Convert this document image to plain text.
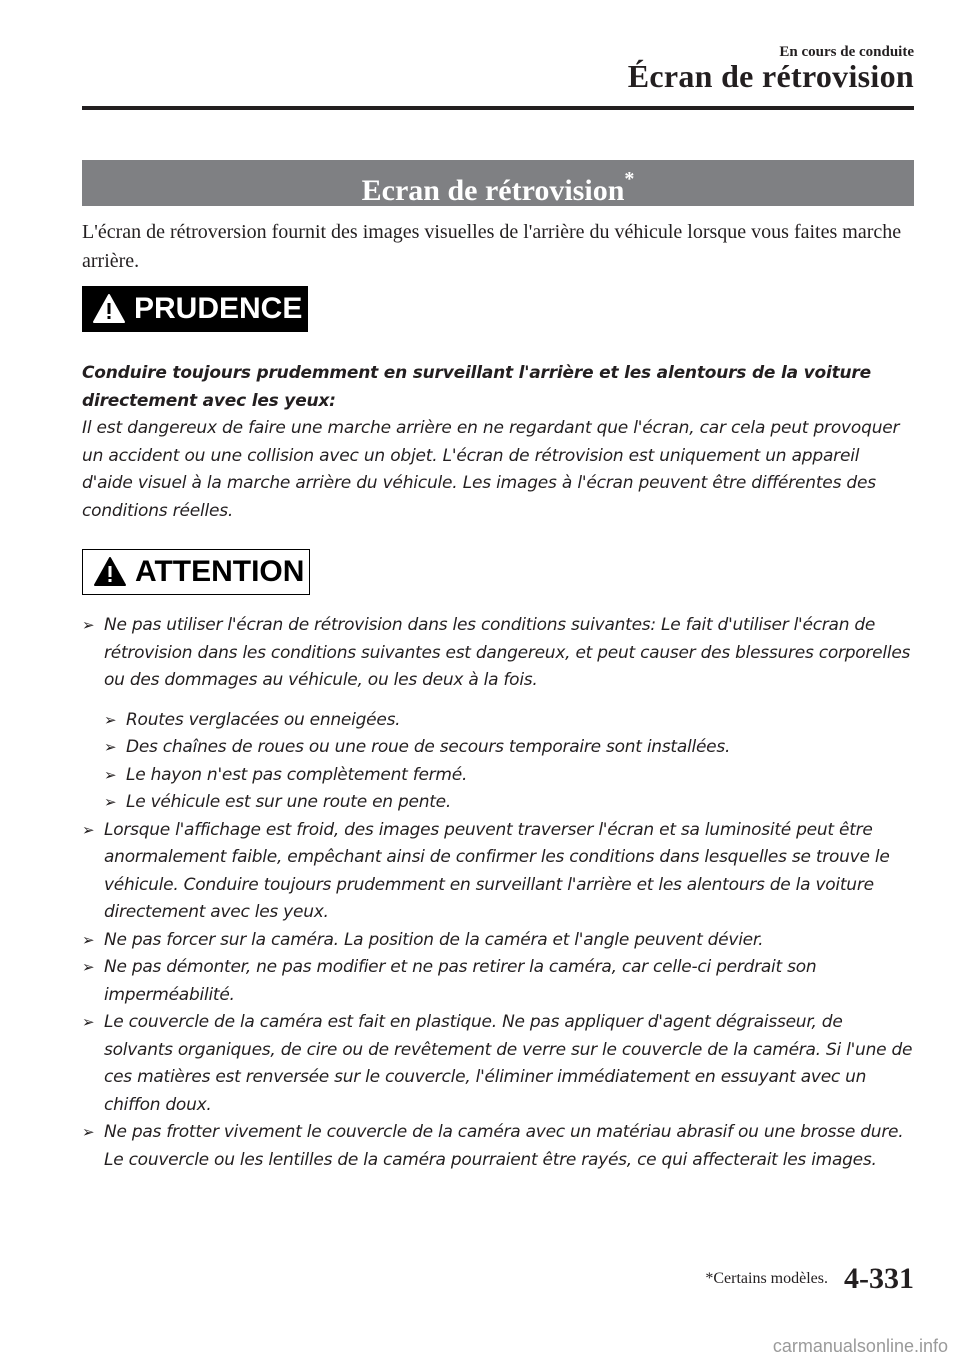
En cours de conduite
Écran de rétrovision
Ecran de rétrovision*
L'écran de rétroversion fournit des images visuelles de l'arrière du véhicule lorsque vous faites marche arrière.
PRUDENCE
Conduire toujours prudemment en surveillant l'arrière et les alentours de la voiture directement avec les yeux:
Il est dangereux de faire une marche arrière en ne regardant que l'écran, car cela peut provoquer un accident ou une collision avec un objet. L'écran de rétrovision est uniquement un appareil d'aide visuel à la marche arrière du véhicule. Les images à l'écran peuvent être différentes des conditions réelles.
ATTENTION
➢ Ne pas utiliser l'écran de rétrovision dans les conditions suivantes: Le fait d'utiliser l'écran de rétrovision dans les conditions suivantes est dangereux, et peut causer des blessures corporelles ou des dommages au véhicule, ou les deux à la fois.
➢ Routes verglacées ou enneigées.
➢ Des chaînes de roues ou une roue de secours temporaire sont installées.
➢ Le hayon n'est pas complètement fermé.
➢ Le véhicule est sur une route en pente.
➢ Lorsque l'affichage est froid, des images peuvent traverser l'écran et sa luminosité peut être anormalement faible, empêchant ainsi de confirmer les conditions dans lesquelles se trouve le véhicule. Conduire toujours prudemment en surveillant l'arrière et les alentours de la voiture directement avec les yeux.
➢ Ne pas forcer sur la caméra. La position de la caméra et l'angle peuvent dévier.
➢ Ne pas démonter, ne pas modifier et ne pas retirer la caméra, car celle-ci perdrait son imperméabilité.
➢ Le couvercle de la caméra est fait en plastique. Ne pas appliquer d'agent dégraisseur, de solvants organiques, de cire ou de revêtement de verre sur le couvercle de la caméra. Si l'une de ces matières est renversée sur le couvercle, l'éliminer immédiatement en essuyant avec un chiffon doux.
➢ Ne pas frotter vivement le couvercle de la caméra avec un matériau abrasif ou une brosse dure. Le couvercle ou les lentilles de la caméra pourraient être rayés, ce qui affecterait les images.
*Certains modèles. 4-331
carmanualsonline.info
